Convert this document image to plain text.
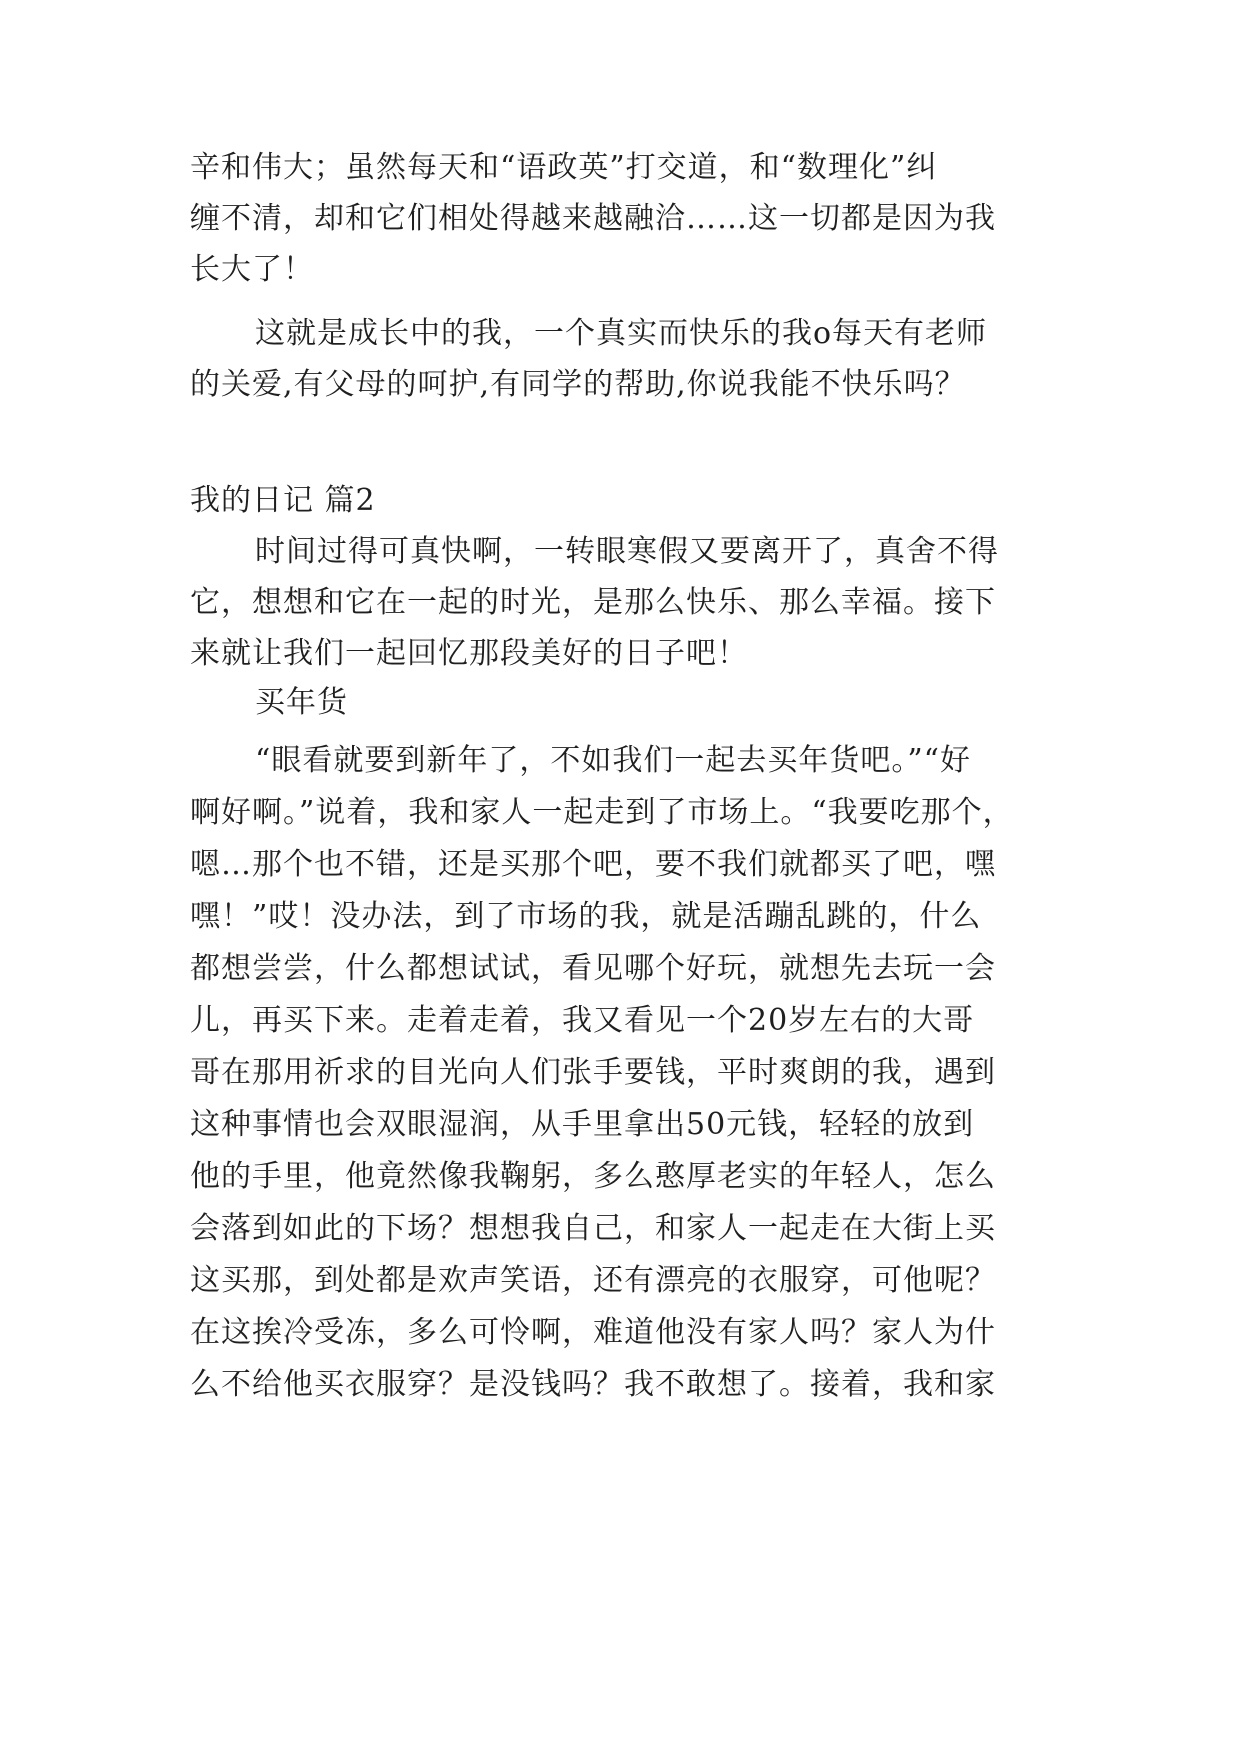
辛和伟大；虽然每天和“语政英”打交道，和“数理化”纠
缠不清，却和它们相处得越来越融洽……这一切都是因为我
长大了！
这就是成长中的我，一个真实而快乐的我ο每天有老师
的关爱,有父母的呵护,有同学的帮助,你说我能不快乐吗？
我的日记 篇2
时间过得可真快啊，一转眼寒假又要离开了，真舍不得
它，想想和它在一起的时光，是那么快乐、那么幸福。接下
来就让我们一起回忆那段美好的日子吧！
买年货
“眼看就要到新年了，不如我们一起去买年货吧。”“好
啊好啊。”说着，我和家人一起走到了市场上。“我要吃那个，
嗯…那个也不错，还是买那个吧，要不我们就都买了吧，嘿
嘿！”哎！没办法，到了市场的我，就是活蹦乱跳的，什么
都想尝尝，什么都想试试，看见哪个好玩，就想先去玩一会
儿，再买下来。走着走着，我又看见一个20岁左右的大哥
哥在那用祈求的目光向人们张手要钱，平时爽朗的我，遇到
这种事情也会双眼湿润，从手里拿出50元钱，轻轻的放到
他的手里，他竟然像我鞠躬，多么憨厚老实的年轻人，怎么
会落到如此的下场？想想我自己，和家人一起走在大街上买
这买那，到处都是欢声笑语，还有漂亮的衣服穿，可他呢？
在这挨冷受冻，多么可怜啊，难道他没有家人吗？家人为什
么不给他买衣服穿？是没钱吗？我不敢想了。接着，我和家
